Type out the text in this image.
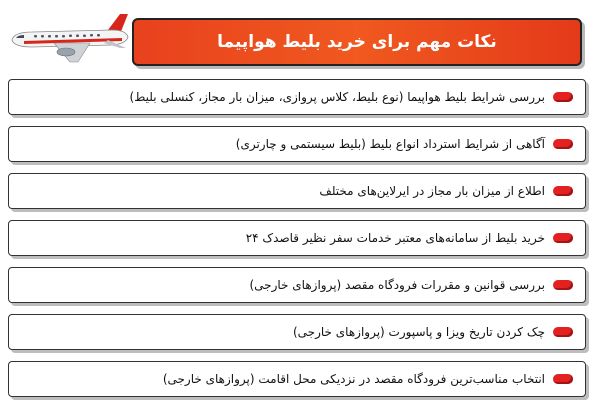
نکات مهم برای خرید بلیط هواپیما
بررسی شرایط بلیط هواپیما (نوع بلیط، کلاس پروازی، میزان بار مجاز، کنسلی بلیط)
آگاهی از شرایط استرداد انواع بلیط (بلیط سیستمی و چارتری)
اطلاع از میزان بار مجاز در ایرلاین‌های مختلف
خرید بلیط از سامانه‌های معتبر خدمات سفر نظیر قاصدک ۲۴
بررسی قوانین و مقررات فرودگاه مقصد (پروازهای خارجی)
چک کردن تاریخ ویزا و پاسپورت (پروازهای خارجی)
انتخاب مناسب‌ترین فرودگاه مقصد در نزدیکی محل اقامت (پروازهای خارجی)
